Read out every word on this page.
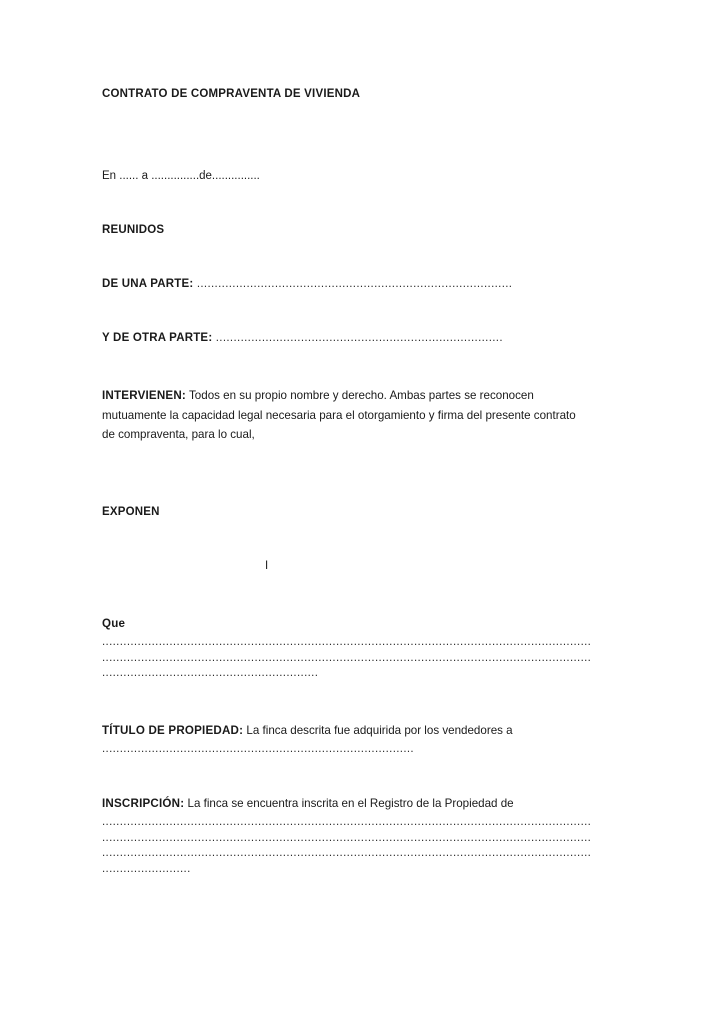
CONTRATO DE COMPRAVENTA DE VIVIENDA
En ...... a ...............de...............
REUNIDOS
DE UNA PARTE: .........................................................................................
Y DE OTRA PARTE: .................................................................................
INTERVIENEN: Todos en su propio nombre y derecho. Ambas partes se reconocen mutuamente la capacidad legal necesaria para el otorgamiento y firma del presente contrato de compraventa, para lo cual,
EXPONEN
I
Que
..........................................................................................................................................
..........................................................................................................................................
.............................................................
TÍTULO DE PROPIEDAD: La finca descrita fue adquirida por los vendedores a
........................................................................................
INSCRIPCIÓN: La finca se encuentra inscrita en el Registro de la Propiedad de
..........................................................................................................................................
..........................................................................................................................................
..........................................................................................................................................
.........................
